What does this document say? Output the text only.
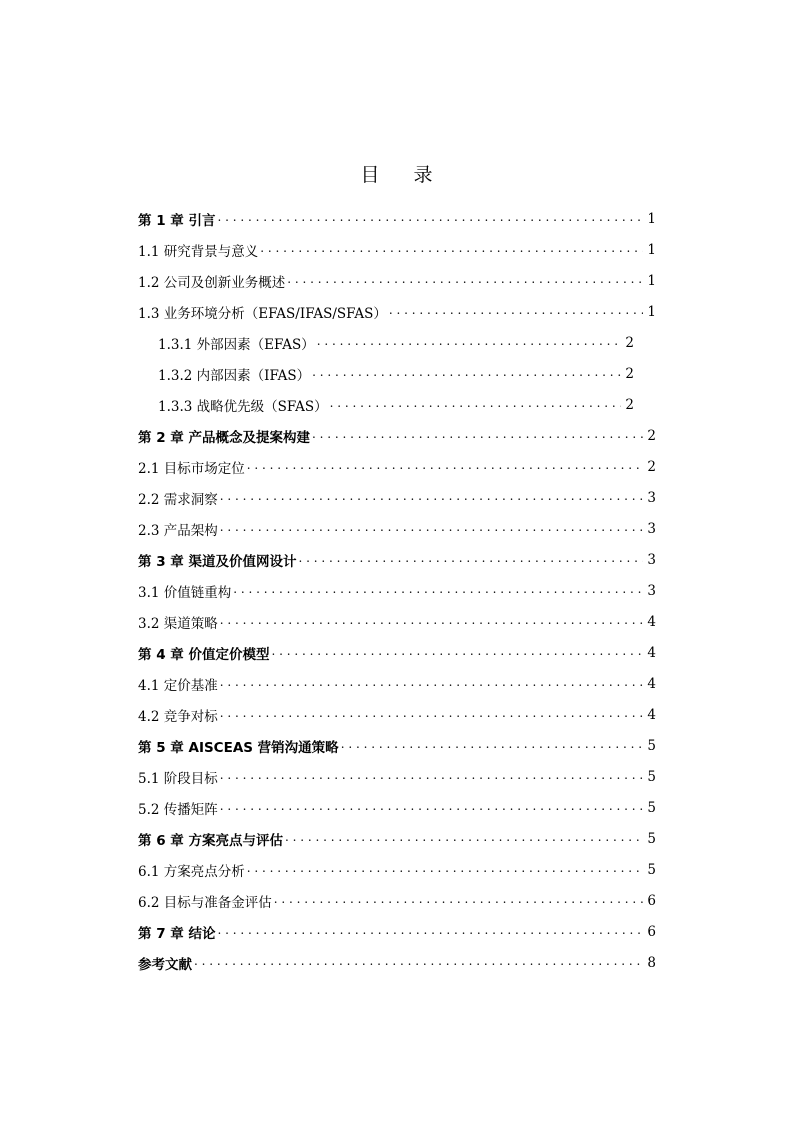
目 录
第 1 章 引言 . . .	1
1.1 研究背景与意义 . . .	1
1.2 公司及创新业务概述 . . .	1
1.3 业务环境分析（EFAS/IFAS/SFAS） . . .	1
1.3.1 外部因素（EFAS） . . .	2
1.3.2 内部因素（IFAS） . . .	2
1.3.3 战略优先级（SFAS） . . .	2
第 2 章 产品概念及提案构建 . . .	2
2.1 目标市场定位 . . .	2
2.2 需求洞察 . . .	3
2.3 产品架构 . . .	3
第 3 章 渠道及价值网设计 . . .	3
3.1 价值链重构 . . .	3
3.2 渠道策略 . . .	4
第 4 章 价值定价模型 . . .	4
4.1 定价基准 . . .	4
4.2 竞争对标 . . .	4
第 5 章 AISCEAS 营销沟通策略 . . .	5
5.1 阶段目标 . . .	5
5.2 传播矩阵 . . .	5
第 6 章 方案亮点与评估 . . .	5
6.1 方案亮点分析 . . .	5
6.2 目标与准备金评估 . . .	6
第 7 章 结论 . . .	6
参考文献 . . .	8
